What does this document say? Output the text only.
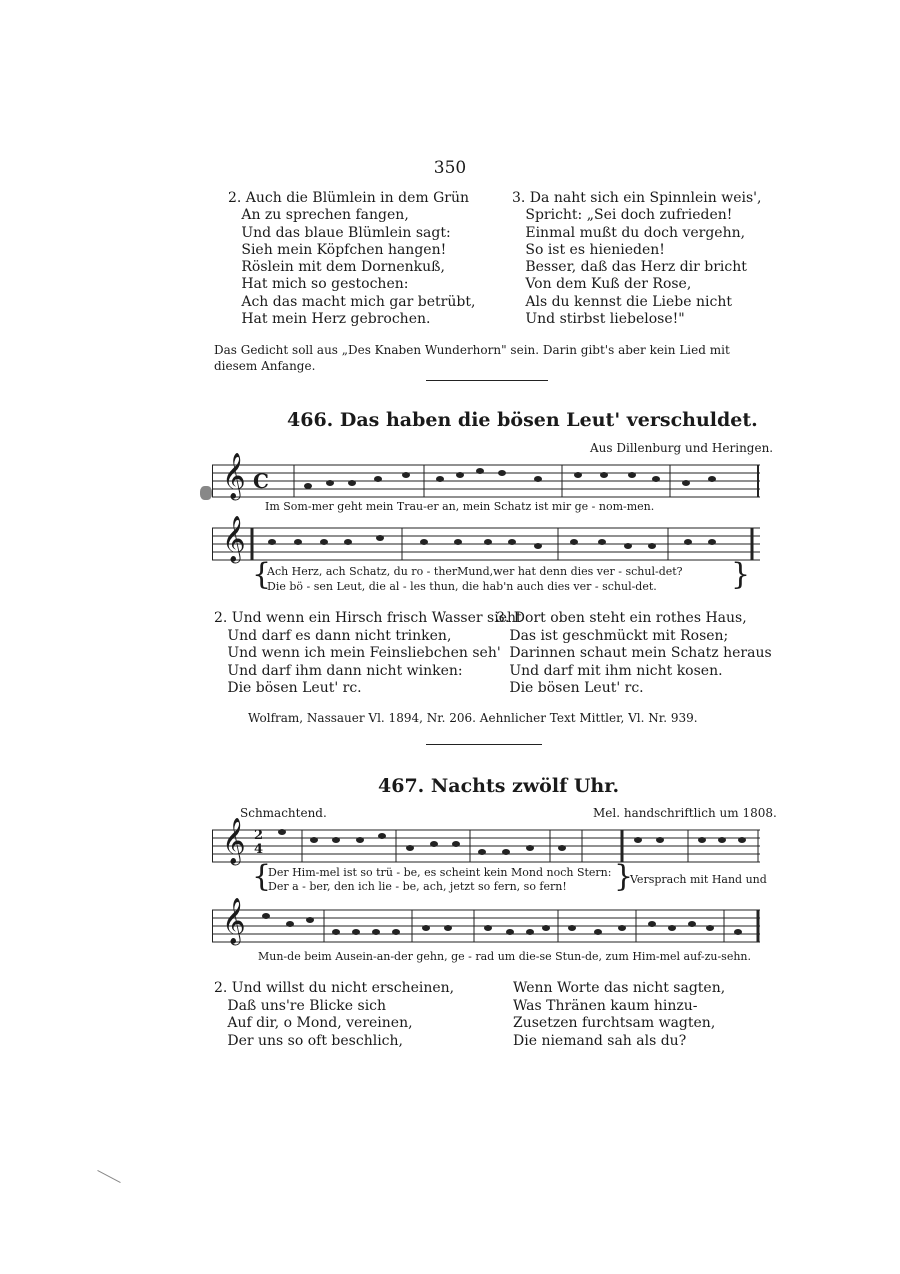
350
2. Auch die Blümlein in dem Grün
An zu sprechen fangen,
Und das blaue Blümlein sagt:
Sieh mein Köpfchen hangen!
Röslein mit dem Dornenkuß,
Hat mich so gestochen:
Ach das macht mich gar betrübt,
Hat mein Herz gebrochen.
3. Da naht sich ein Spinnlein weis',
Spricht: „Sei doch zufrieden!
Einmal mußt du doch vergehn,
So ist es hienieden!
Besser, daß das Herz dir bricht
Von dem Kuß der Rose,
Als du kennst die Liebe nicht
Und stirbst liebelose!"
Das Gedicht soll aus „Des Knaben Wunderhorn" sein. Darin gibt's aber kein Lied mit diesem Anfange.
466. Das haben die bösen Leut' verschuldet.
Aus Dillenburg und Heringen.
𝄞 C
Im Som-mer geht mein Trau-er an, mein Schatz ist mir ge - nom-men.
𝄞
{
Ach Herz, ach Schatz, du ro - therMund,wer hat denn dies ver - schul-det?
Die bö - sen Leut, die al - les thun, die hab'n auch dies ver - schul-det. }
2. Und wenn ein Hirsch frisch Wasser sieht
Und darf es dann nicht trinken,
Und wenn ich mein Feinsliebchen seh'
Und darf ihm dann nicht winken:
Die bösen Leut' rc.
3. Dort oben steht ein rothes Haus,
Das ist geschmückt mit Rosen;
Darinnen schaut mein Schatz heraus
Und darf mit ihm nicht kosen.
Die bösen Leut' rc.
Wolfram, Nassauer Vl. 1894, Nr. 206. Aehnlicher Text Mittler, Vl. Nr. 939.
467. Nachts zwölf Uhr.
Schmachtend.	Mel. handschriftlich um 1808.
𝄞 2
4
{
Der Him-mel ist so trü - be, es scheint kein Mond noch Stern:
Der a - ber, den ich lie - be, ach, jetzt so fern, so fern! }
Versprach mit Hand und
𝄞
Mun-de beim Ausein-an-der gehn, ge - rad um die-se Stun-de, zum Him-mel auf-zu-sehn.
2. Und willst du nicht erscheinen,
Daß uns're Blicke sich
Auf dir, o Mond, vereinen,
Der uns so oft beschlich,
Wenn Worte das nicht sagten,
Was Thränen kaum hinzu-
Zusetzen furchtsam wagten,
Die niemand sah als du?
